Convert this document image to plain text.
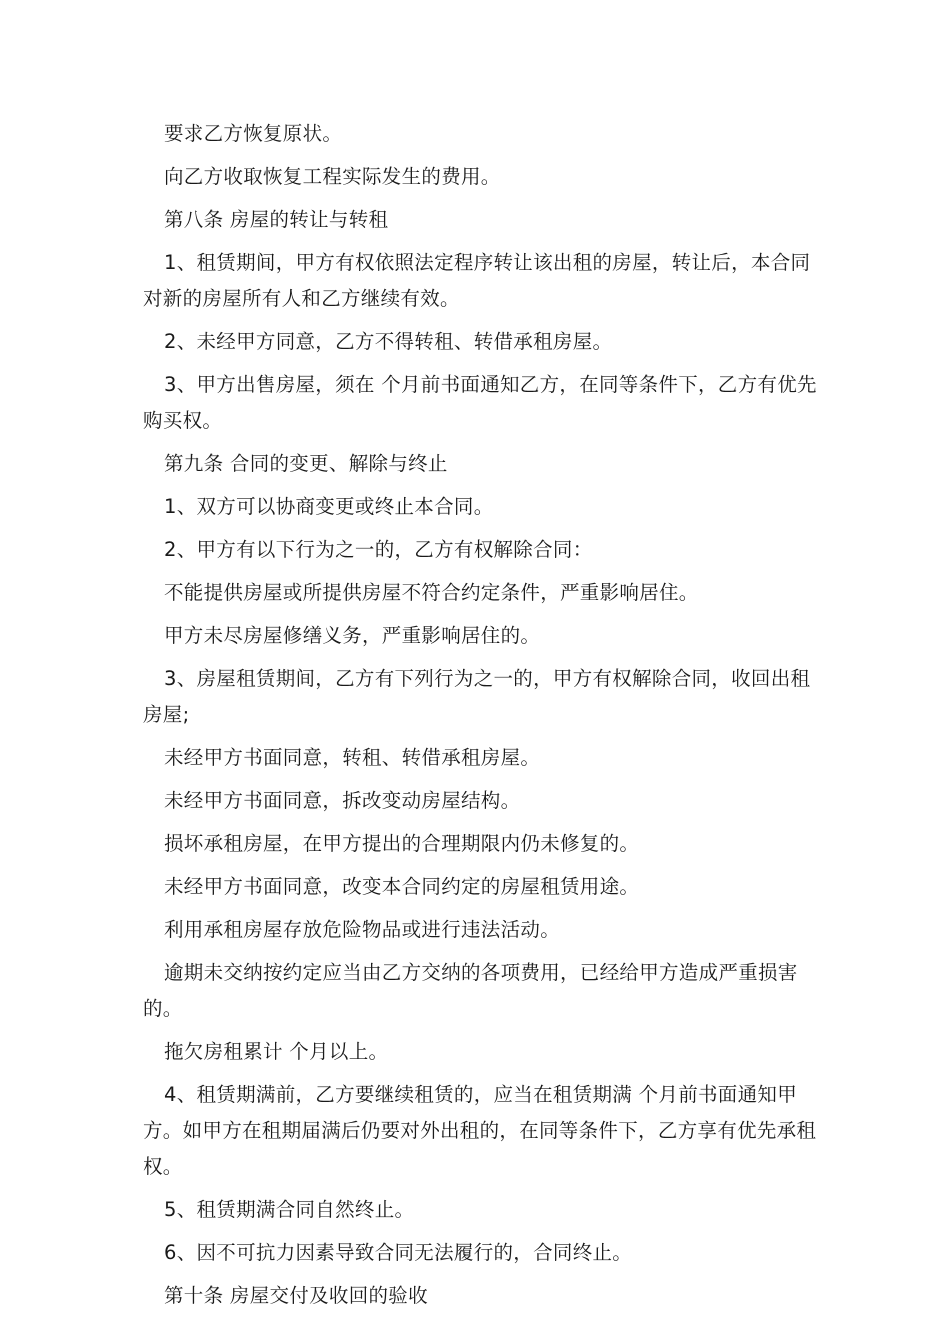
要求乙方恢复原状。

向乙方收取恢复工程实际发生的费用。

第八条 房屋的转让与转租

1、租赁期间，甲方有权依照法定程序转让该出租的房屋，转让后，本合同对新的房屋所有人和乙方继续有效。

2、未经甲方同意，乙方不得转租、转借承租房屋。

3、甲方出售房屋，须在 个月前书面通知乙方，在同等条件下，乙方有优先购买权。

第九条 合同的变更、解除与终止

1、双方可以协商变更或终止本合同。

2、甲方有以下行为之一的，乙方有权解除合同：

不能提供房屋或所提供房屋不符合约定条件，严重影响居住。

甲方未尽房屋修缮义务，严重影响居住的。

3、房屋租赁期间，乙方有下列行为之一的，甲方有权解除合同，收回出租房屋;

未经甲方书面同意，转租、转借承租房屋。

未经甲方书面同意，拆改变动房屋结构。

损坏承租房屋，在甲方提出的合理期限内仍未修复的。

未经甲方书面同意，改变本合同约定的房屋租赁用途。

利用承租房屋存放危险物品或进行违法活动。

逾期未交纳按约定应当由乙方交纳的各项费用，已经给甲方造成严重损害的。

拖欠房租累计 个月以上。

4、租赁期满前，乙方要继续租赁的，应当在租赁期满 个月前书面通知甲方。如甲方在租期届满后仍要对外出租的，在同等条件下，乙方享有优先承租权。

5、租赁期满合同自然终止。

6、因不可抗力因素导致合同无法履行的，合同终止。

第十条 房屋交付及收回的验收
